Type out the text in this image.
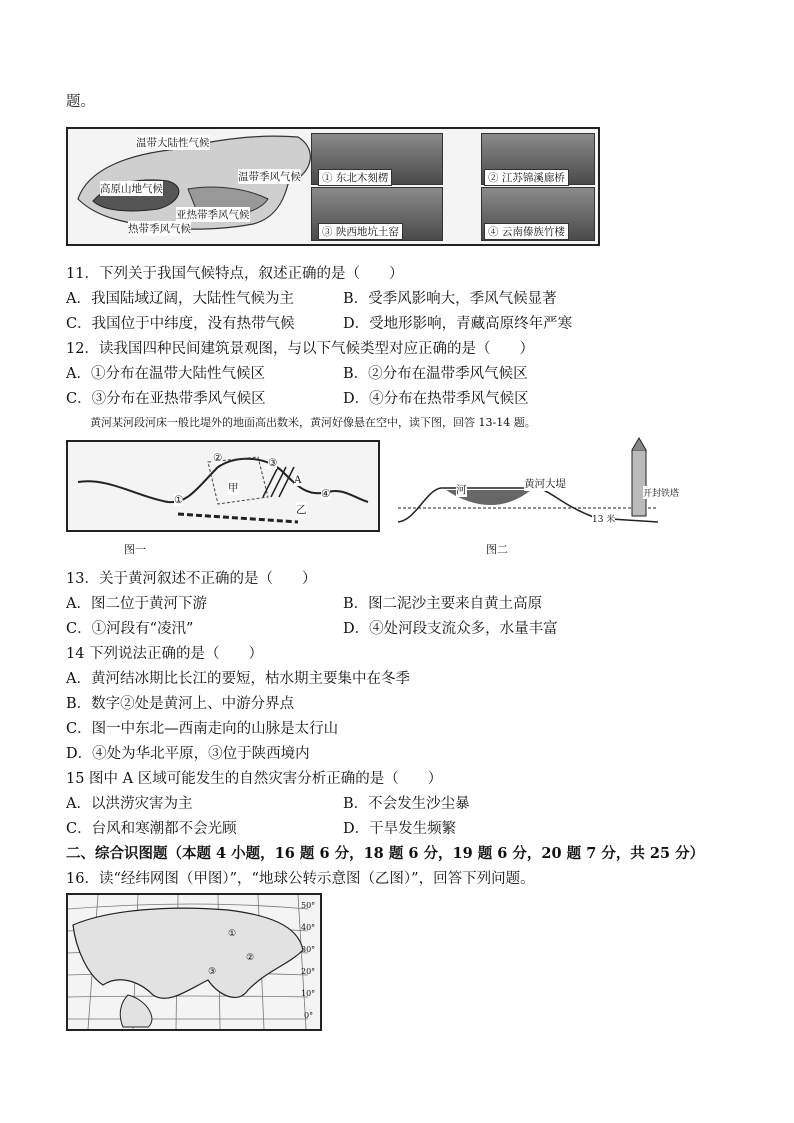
题。
温带大陆性气候
温带季风气候
高原山地气候
亚热带季风气候
热带季风气候
① 东北木刻楞	② 江苏锦溪廊桥
③ 陕西地坑土窑	④ 云南傣族竹楼
11．下列关于我国气候特点，叙述正确的是（　　）
A．我国陆域辽阔，大陆性气候为主	B．受季风影响大，季风气候显著
C．我国位于中纬度，没有热带气候	D．受地形影响，青藏高原终年严寒
12．读我国四种民间建筑景观图，与以下气候类型对应正确的是（　　）
A．①分布在温带大陆性气候区	B．②分布在温带季风气候区
C．③分布在亚热带季风气候区	D．④分布在热带季风气候区
黄河某河段河床一般比堤外的地面高出数米，黄河好像悬在空中，读下图，回答 13-14 题。
①
②	③
④
甲
乙
A
河	黄河大堤
开封铁塔
13 米
图一	图二
13．关于黄河叙述不正确的是（　　）
A．图二位于黄河下游	B．图二泥沙主要来自黄土高原
C．①河段有“凌汛”	D．④处河段支流众多，水量丰富
14 下列说法正确的是（　　）
A．黄河结冰期比长江的要短，枯水期主要集中在冬季
B．数字②处是黄河上、中游分界点
C．图一中东北—西南走向的山脉是太行山
D．④处为华北平原，③位于陕西境内
15 图中 A 区域可能发生的自然灾害分析正确的是（　　）
A．以洪涝灾害为主	B．不会发生沙尘暴
C．台风和寒潮都不会光顾	D．干旱发生频繁
二、综合识图题（本题 4 小题，16 题 6 分，18 题 6 分，19 题 6 分，20 题 7 分，共 25 分）
16．读“经纬网图（甲图）”，“地球公转示意图（乙图）”，回答下列问题。
50°
40°
30°
20°
10°
0°
①
②
③
